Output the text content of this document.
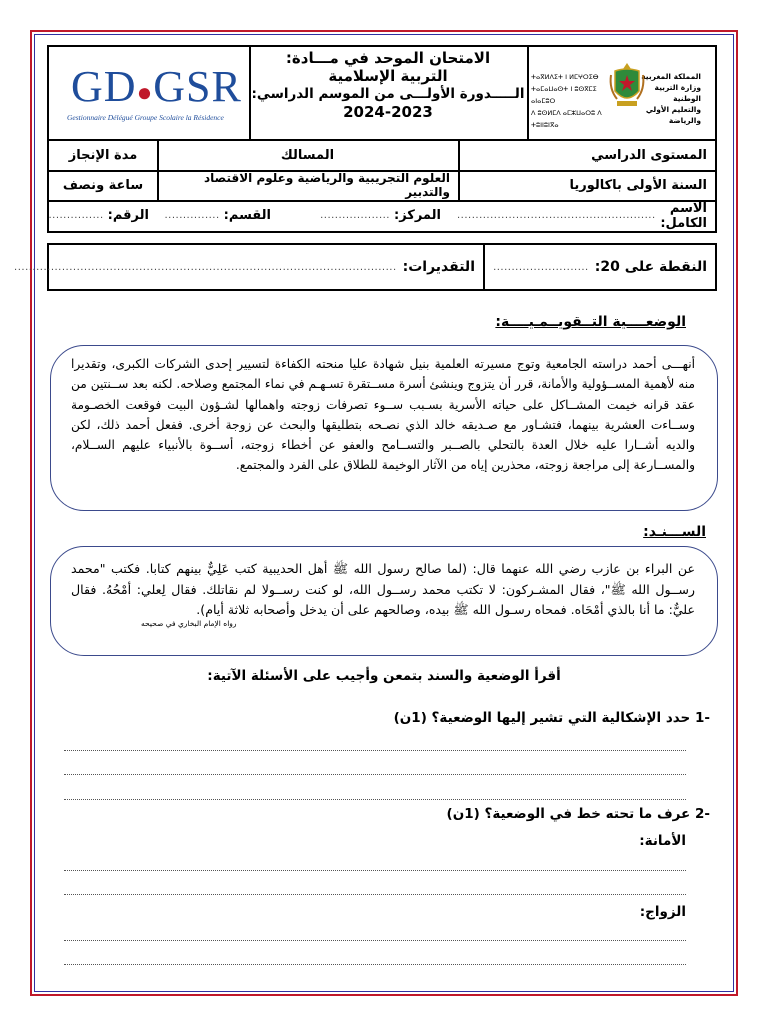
GD●GSR
Gestionnaire Délégué Groupe Scolaire la Résidence
الامتحان الموحد في مـــادة:
التربية الإسلامية
الـــــدورة الأولـــى من الموسم الدراسي:
2024-2023
المملكة المغربية
وزارة التربية الوطنية
والتعليم الأولي والرياضة
ⵜⴰⴳⵍⴷⵉⵜ ⵏ ⵍⵎⵖⵔⵉⴱ
ⵜⴰⵎⴰⵡⴰⵙⵜ ⵏ ⵓⵙⴳⵎⵉ ⴰⵏⴰⵎⵓⵔ
ⴷ ⵓⵙⵍⵎⴷ ⴰⵎⵣⵡⴰⵔⵓ ⴷ ⵜⵓⵏⵏⵓⵏⴳⴰ
المستوى الدراسي
المسالك
مدة الإنجاز
السنة الأولى باكالوريا
العلوم التجريبية والرياضية وعلوم الاقتصاد والتدبير
ساعة ونصف
الاسم الكامل:
......................................................
المركز:
...................
القسم:
...............
الرقم:
...............
النقطة على 20:
..........................
التقديرات:
........................................................................................................
الوضعــــية التــقويــمـيــــة:
أنهـــى أحمد دراسته الجامعية وتوج مسيرته العلمية بنيل شهادة عليا منحته الكفاءة لتسيير إحدى الشركات الكبرى، وتقديرا منه لأهمية المســؤولية والأمانة، قرر أن يتزوج وينشئ أسرة مســتقرة تسـهـم في نماء المجتمع وصلاحه. لكنه بعد ســنتين من عقد قرانه خيمت المشــاكل على حياته الأسرية بسـبب ســوء تصرفات زوجته واهمالها لشـؤون البيت فوقعت الخصـومة وســاءت العشرية بينهما، فتشـاور مع صـديقه خالد الذي نصـحه بتطليقها والبحث عن زوجة أخرى. ففعل أحمد ذلك، لكن والديه أشــارا عليه خلال العدة بالتحلي بالصــبر والتســامح والعفو عن أخطاء زوجته، أســوة بالأنبياء عليهم الســلام، والمســارعة إلى مراجعة زوجته، محذرين إياه من الآثار الوخيمة للطلاق على الفرد والمجتمع.
الســـنـد:
عن البراء بن عازب رضي الله عنهما قال: (لما صالح رسول الله ﷺ أهل الحديبية كتب عَلِيٌّ بينهم كتابا. فكتب "محمد رســول الله ﷺ"، فقال المشـركون: لا تكتب محمد رســول الله، لو كنت رســولا لم نقاتلك. فقال لِعلي: أمْحُهُ. فقال عليٌّ: ما أنا بالذي أمْحَاه. فمحاه رسـول الله ﷺ بيده، وصالحهم على أن يدخل وأصحابه ثلاثة أيام).
رواه الإمام البخاري في صحيحه
أقرأ الوضعية والسند بتمعن وأجيب على الأسئلة الآتية:
-1 حدد الإشكالية التي تشير إليها الوضعية؟ (1ن)
-2 عرف ما تحته خط في الوضعية؟ (1ن)
الأمانة:
الزواج:
